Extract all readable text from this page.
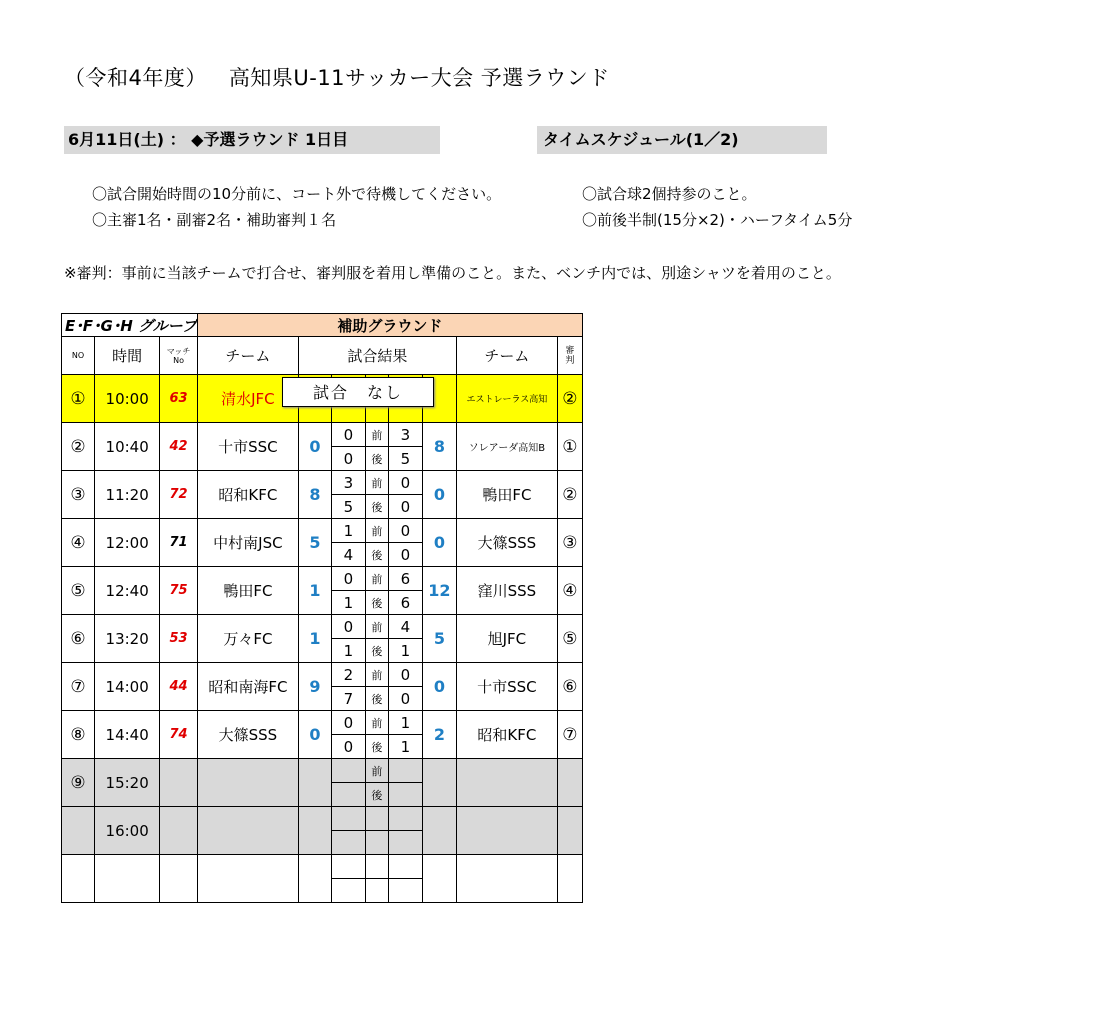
（令和4年度） 高知県U-11サッカー大会 予選ラウンド
6月11日(土) ： ◆予選ラウンド 1日目	タイムスケジュール(1／2)
〇試合開始時間の10分前に、コート外で待機してください。	〇試合球2個持参のこと。
〇主審1名・副審2名・補助審判１名	〇前後半制(15分×2)・ハーフタイム5分
※審判：事前に当該チームで打合せ、審判服を着用し準備のこと。また、ベンチ内では、別途シャツを着用のこと。
E･F･G･H グループ			補助グラウンド							
NO	時間	マッチ
No	チーム	試合結果					チーム	審
判
①	10:00	63	清水JFC						エストレーラス高知	②
②	10:40	42	十市SSC	0	0	前	3	8	ソレアーダ高知B	①
					0	後	5			
③	11:20	72	昭和KFC	8	3	前	0	0	鴨田FC	②
					5	後	0			
④	12:00	71	中村南JSC	5	1	前	0	0	大篠SSS	③
					4	後	0			
⑤	12:40	75	鴨田FC	1	0	前	6	12	窪川SSS	④
					1	後	6			
⑥	13:20	53	万々FC	1	0	前	4	5	旭JFC	⑤
					1	後	1			
⑦	14:00	44	昭和南海FC	9	2	前	0	0	十市SSC	⑥
					7	後	0			
⑧	14:40	74	大篠SSS	0	0	前	1	2	昭和KFC	⑦
					0	後	1			
⑨	15:20					前				
						後				
	16:00									

試合　なし
